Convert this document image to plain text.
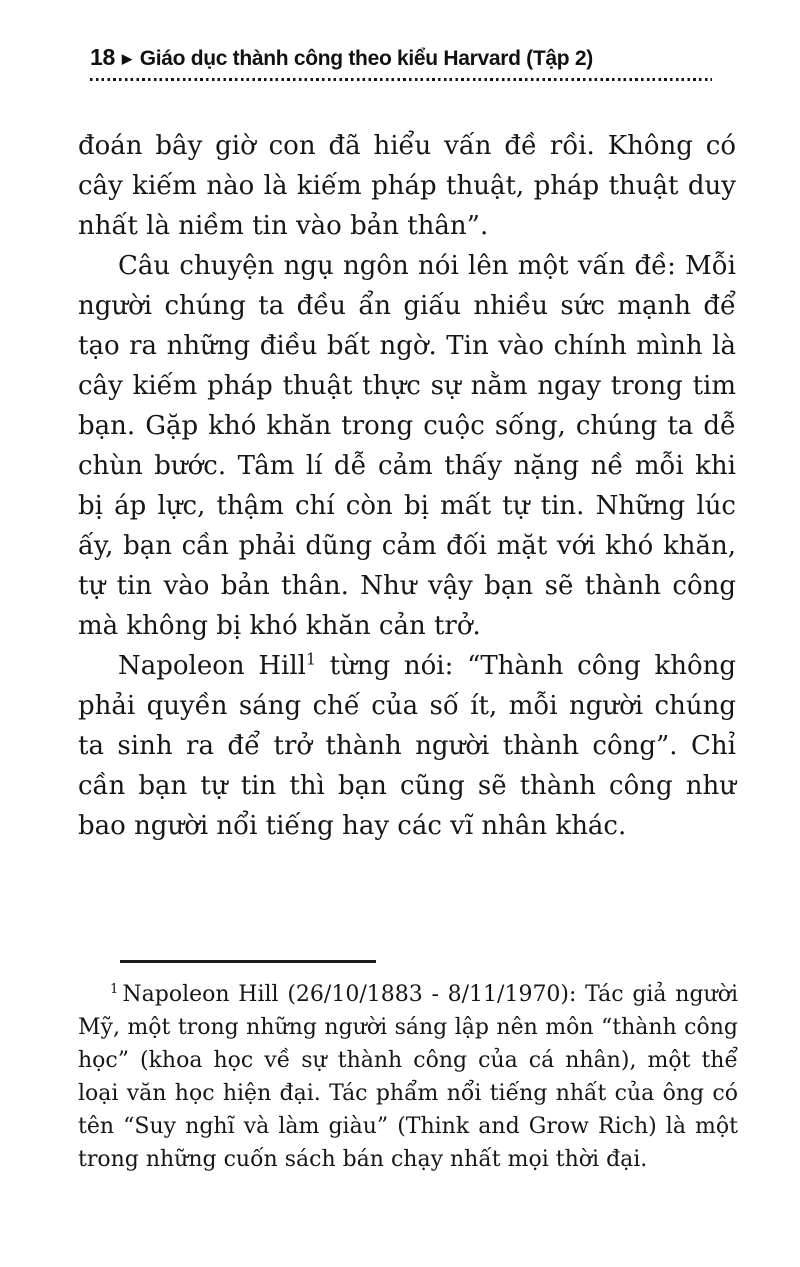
18 ▶ Giáo dục thành công theo kiểu Harvard (Tập 2)

đoán bây giờ con đã hiểu vấn đề rồi. Không có cây kiếm nào là kiếm pháp thuật, pháp thuật duy nhất là niềm tin vào bản thân”.

Câu chuyện ngụ ngôn nói lên một vấn đề: Mỗi người chúng ta đều ẩn giấu nhiều sức mạnh để tạo ra những điều bất ngờ. Tin vào chính mình là cây kiếm pháp thuật thực sự nằm ngay trong tim bạn. Gặp khó khăn trong cuộc sống, chúng ta dễ chùn bước. Tâm lí dễ cảm thấy nặng nề mỗi khi bị áp lực, thậm chí còn bị mất tự tin. Những lúc ấy, bạn cần phải dũng cảm đối mặt với khó khăn, tự tin vào bản thân. Như vậy bạn sẽ thành công mà không bị khó khăn cản trở.

Napoleon Hill$^1$ từng nói: “Thành công không phải quyền sáng chế của số ít, mỗi người chúng ta sinh ra để trở thành người thành công”. Chỉ cần bạn tự tin thì bạn cũng sẽ thành công như bao người nổi tiếng hay các vĩ nhân khác.

$^1$ Napoleon Hill (26/10/1883 - 8/11/1970): Tác giả người Mỹ, một trong những người sáng lập nên môn “thành công học” (khoa học về sự thành công của cá nhân), một thể loại văn học hiện đại. Tác phẩm nổi tiếng nhất của ông có tên “Suy nghĩ và làm giàu” (Think and Grow Rich) là một trong những cuốn sách bán chạy nhất mọi thời đại.
